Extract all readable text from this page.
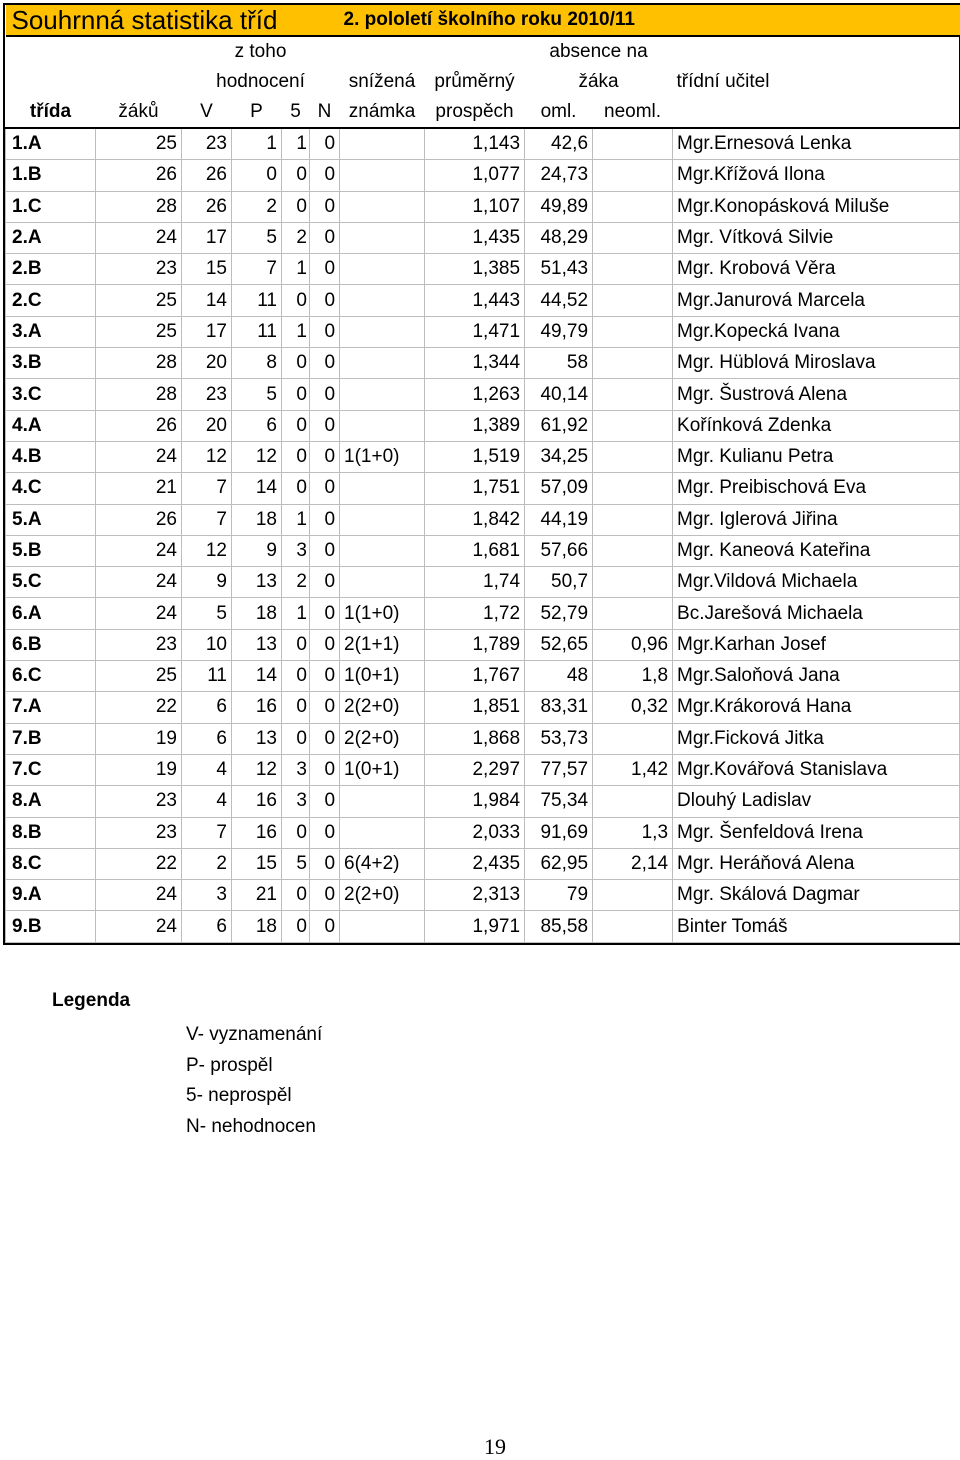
Souhrnná statistika tříd						2. pololetí školního roku 2010/11				
		z toho						absence na		
		hodnocení				snížená	průměrný	žáka		třídní učitel
třída	žáků	V	P	5	N	známka	prospěch	oml.	neoml.	
1.A	25	23	1	1	0		1,143	42,6		Mgr.Ernesová Lenka
1.B	26	26	0	0	0		1,077	24,73		Mgr.Křížová Ilona
1.C	28	26	2	0	0		1,107	49,89		Mgr.Konopásková Miluše
2.A	24	17	5	2	0		1,435	48,29		Mgr. Vítková Silvie
2.B	23	15	7	1	0		1,385	51,43		Mgr. Krobová Věra
2.C	25	14	11	0	0		1,443	44,52		Mgr.Janurová Marcela
3.A	25	17	11	1	0		1,471	49,79		Mgr.Kopecká Ivana
3.B	28	20	8	0	0		1,344	58		Mgr. Hüblová Miroslava
3.C	28	23	5	0	0		1,263	40,14		Mgr. Šustrová Alena
4.A	26	20	6	0	0		1,389	61,92		Kořínková Zdenka
4.B	24	12	12	0	0	1(1+0)	1,519	34,25		Mgr. Kulianu Petra
4.C	21	7	14	0	0		1,751	57,09		Mgr. Preibischová Eva
5.A	26	7	18	1	0		1,842	44,19		Mgr. Iglerová Jiřina
5.B	24	12	9	3	0		1,681	57,66		Mgr. Kaneová Kateřina
5.C	24	9	13	2	0		1,74	50,7		Mgr.Vildová Michaela
6.A	24	5	18	1	0	1(1+0)	1,72	52,79		Bc.Jarešová Michaela
6.B	23	10	13	0	0	2(1+1)	1,789	52,65	0,96	Mgr.Karhan Josef
6.C	25	11	14	0	0	1(0+1)	1,767	48	1,8	Mgr.Saloňová Jana
7.A	22	6	16	0	0	2(2+0)	1,851	83,31	0,32	Mgr.Krákorová Hana
7.B	19	6	13	0	0	2(2+0)	1,868	53,73		Mgr.Ficková Jitka
7.C	19	4	12	3	0	1(0+1)	2,297	77,57	1,42	Mgr.Kovářová Stanislava
8.A	23	4	16	3	0		1,984	75,34		Dlouhý Ladislav
8.B	23	7	16	0	0		2,033	91,69	1,3	Mgr. Šenfeldová Irena
8.C	22	2	15	5	0	6(4+2)	2,435	62,95	2,14	Mgr. Heráňová Alena
9.A	24	3	21	0	0	2(2+0)	2,313	79		Mgr. Skálová Dagmar
9.B	24	6	18	0	0		1,971	85,58		Binter Tomáš
Legenda
V- vyznamenání
P- prospěl
5- neprospěl
N- nehodnocen
19
